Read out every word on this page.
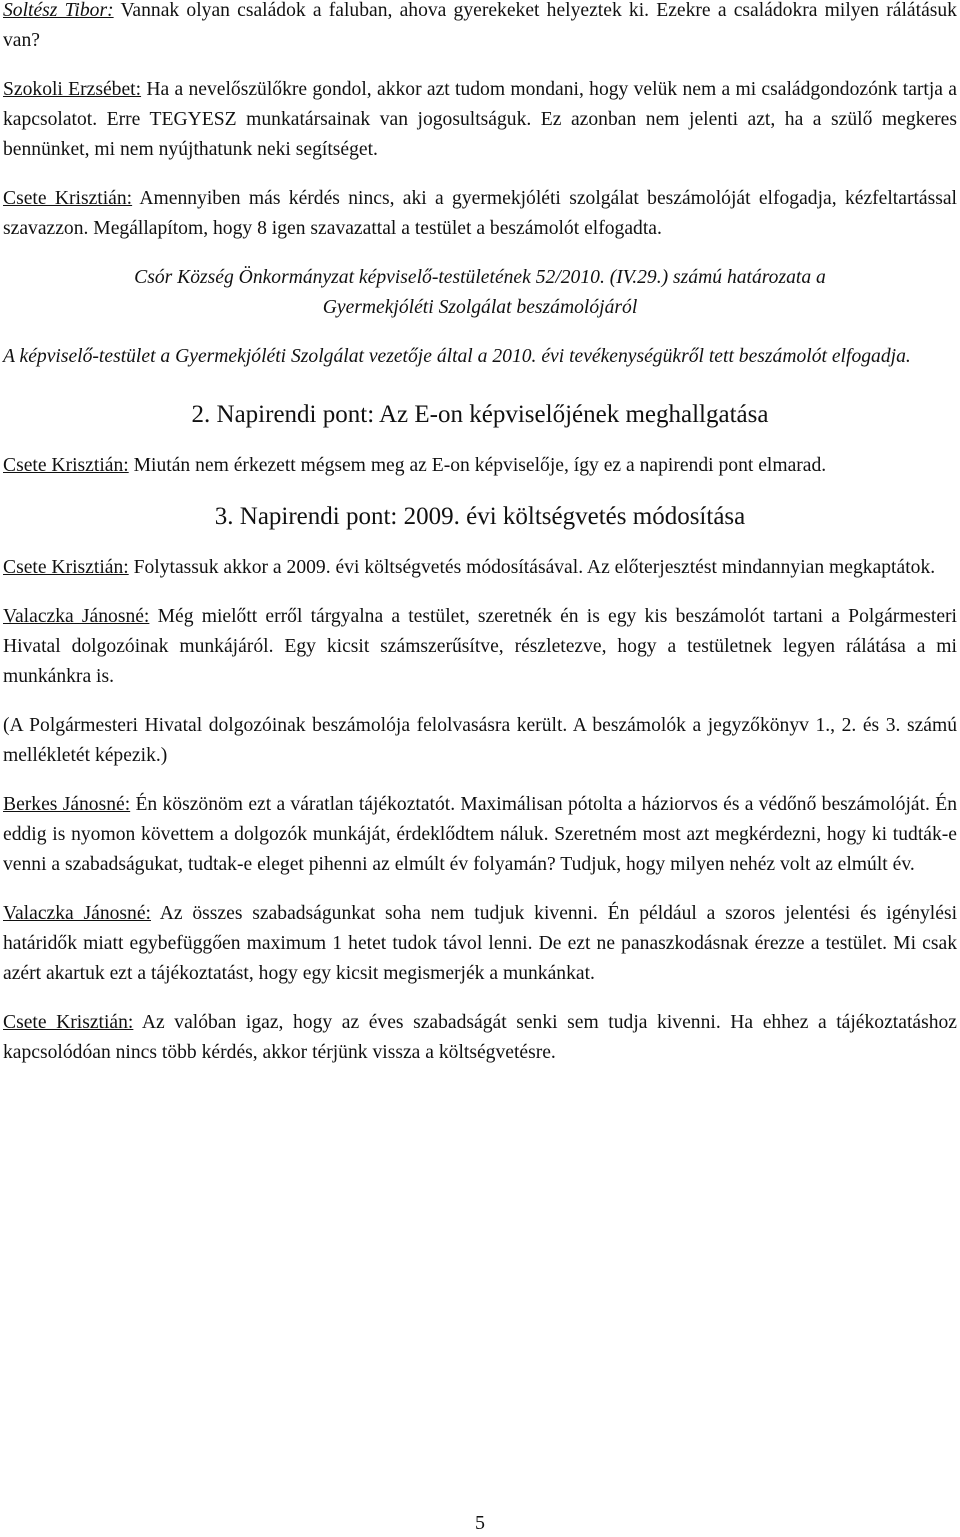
Soltész Tibor: Vannak olyan családok a faluban, ahova gyerekeket helyeztek ki. Ezekre a családokra milyen rálátásuk van?

Szokoli Erzsébet: Ha a nevelőszülőkre gondol, akkor azt tudom mondani, hogy velük nem a mi családgondozónk tartja a kapcsolatot. Erre TEGYESZ munkatársainak van jogosultságuk. Ez azonban nem jelenti azt, ha a szülő megkeres bennünket, mi nem nyújthatunk neki segítséget.

Csete Krisztián: Amennyiben más kérdés nincs, aki a gyermekjóléti szolgálat beszámolóját elfogadja, kézfeltartással szavazzon. Megállapítom, hogy 8 igen szavazattal a testület a beszámolót elfogadta.

Csór Község Önkormányzat képviselő-testületének 52/2010. (IV.29.) számú határozata a

Gyermekjóléti Szolgálat beszámolójáról

A képviselő-testület a Gyermekjóléti Szolgálat vezetője által a 2010. évi tevékenységükről tett beszámolót elfogadja.

2. Napirendi pont: Az E-on képviselőjének meghallgatása

Csete Krisztián: Miután nem érkezett mégsem meg az E-on képviselője, így ez a napirendi pont elmarad.

3. Napirendi pont: 2009. évi költségvetés módosítása

Csete Krisztián: Folytassuk akkor a 2009. évi költségvetés módosításával. Az előterjesztést mindannyian megkaptátok.

Valaczka Jánosné: Még mielőtt erről tárgyalna a testület, szeretnék én is egy kis beszámolót tartani a Polgármesteri Hivatal dolgozóinak munkájáról. Egy kicsit számszerűsítve, részletezve, hogy a testületnek legyen rálátása a mi munkánkra is.

(A Polgármesteri Hivatal dolgozóinak beszámolója felolvasásra került. A beszámolók a jegyzőkönyv 1., 2. és 3. számú mellékletét képezik.)

Berkes Jánosné: Én köszönöm ezt a váratlan tájékoztatót. Maximálisan pótolta a háziorvos és a védőnő beszámolóját. Én eddig is nyomon követtem a dolgozók munkáját, érdeklődtem náluk. Szeretném most azt megkérdezni, hogy ki tudták-e venni a szabadságukat, tudtak-e eleget pihenni az elmúlt év folyamán? Tudjuk, hogy milyen nehéz volt az elmúlt év.

Valaczka Jánosné: Az összes szabadságunkat soha nem tudjuk kivenni. Én például a szoros jelentési és igénylési határidők miatt egybefüggően maximum 1 hetet tudok távol lenni. De ezt ne panaszkodásnak érezze a testület. Mi csak azért akartuk ezt a tájékoztatást, hogy egy kicsit megismerjék a munkánkat.

Csete Krisztián: Az valóban igaz, hogy az éves szabadságát senki sem tudja kivenni. Ha ehhez a tájékoztatáshoz kapcsolódóan nincs több kérdés, akkor térjünk vissza a költségvetésre.

5
